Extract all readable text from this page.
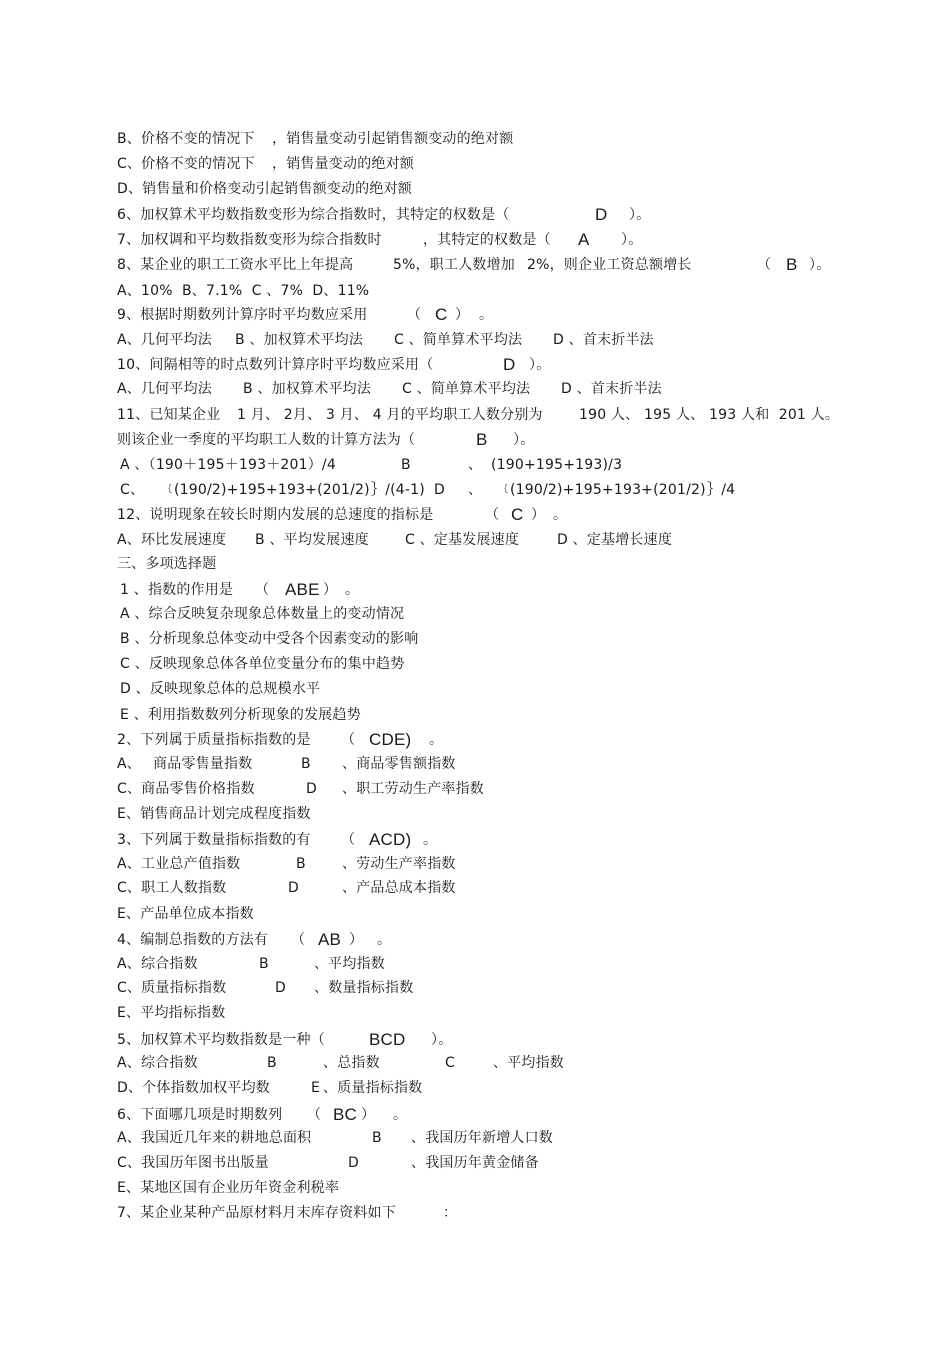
B、价格不变的情况下

，销售量变动引起销售额变动的绝对额

C、价格不变的情况下

，销售量变动的绝对额

D、销售量和价格变动引起销售额变动的绝对额

6、加权算术平均数指数变形为综合指数时，其特定的权数是（

	D

）。

7、加权调和平均数指数变形为综合指数时

	，其特定的权数是（

A

）。

8、某企业的职工工资水平比上年提高

	5%，职工人数增加

2%，则企业工资总额增长

	（

B

）。

A、10%  B、7.1%  C 、7%  D、11%

9、根据时期数列计算序时平均数应采用

	（

C

）

。

A、几何平均法

B 、加权算术平均法

C 、简单算术平均法

D 、首末折半法

10、间隔相等的时点数列计算序时平均数应采用（

	D

）。

A、几何平均法

B 、加权算术平均法

C 、简单算术平均法

D 、首末折半法

11、已知某企业

1 月、 2月、 3 月、 4 月的平均职工人数分别为

	190 人、 195 人、 193 人和  201 人。

则该企业一季度的平均职工人数的计算方法为（

	B

）。

A 、（190＋195＋193＋201）/4

	B

	、

(190+195+193)/3

C、

｛

(190/2)+195+193+(201/2)

｝/(4-1)

D

、

｛

(190/2)+195+193+(201/2)

｝/4

12、说明现象在较长时期内发展的总速度的指标是

	（

C

）

。

A、环比发展速度

B 、平均发展速度

	C 、定基发展速度

	D 、定基增长速度

三、多项选择题

1 、指数的作用是

（

ABE

）

。

A 、综合反映复杂现象总体数量上的变动情况

B 、分析现象总体变动中受各个因素变动的影响

C 、反映现象总体各单位变量分布的集中趋势

D 、反映现象总体的总规模水平

E 、利用指数数列分析现象的发展趋势

2、下列属于质量指标指数的是

（

CDE)

。

A、

商品零售量指数

	B

、商品零售额指数

C、商品零售价格指数

	D

、职工劳动生产率指数

E、销售商品计划完成程度指数

3、下列属于数量指标指数的有

（

ACD)

。

A、工业总产值指数

	B

	、劳动生产率指数

C、职工人数指数

	D

	、产品总成本指数

E、产品单位成本指数

4、编制总指数的方法有

（

AB

）

。

A、综合指数

	B

	、平均指数

C、质量指标指数

	D

、数量指标指数

E、平均指标指数

5、加权算术平均数指数是一种（

	BCD

）。

A、综合指数

	B

	、总指数

	C

	、平均指数

D、个体指数加权平均数

	E

、质量指标指数

6、下面哪几项是时期数列

（

BC

）

。

A、我国近几年来的耕地总面积

	B

、我国历年新增人口数

C、我国历年图书出版量

	D

	、我国历年黄金储备

E、某地区国有企业历年资金利税率

7、某企业某种产品原材料月末库存资料如下

	：
